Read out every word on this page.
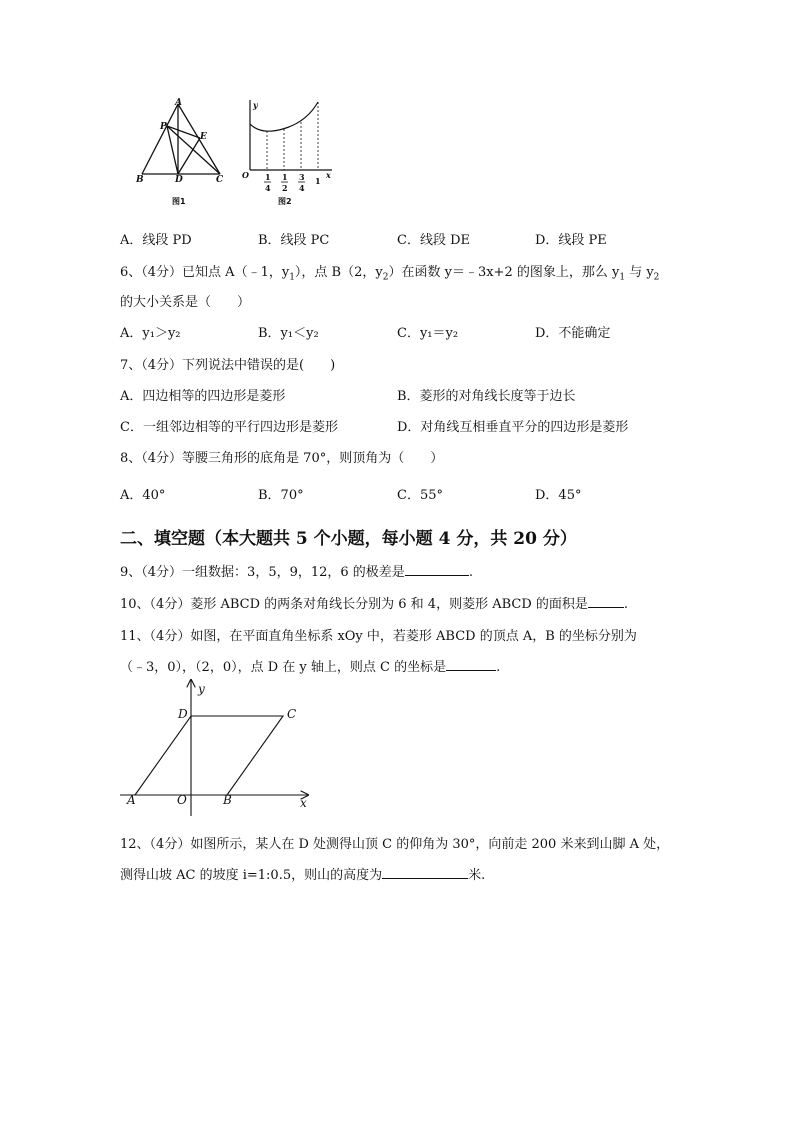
A
P
E
B	D	C
图1
y
x
O 1
4
1
2
3
4
1
图2
A．线段 PD	B．线段 PC	C．线段 DE	D．线段 PE
6、（4分）已知点 A（﹣1，$y_1$），点 B（2，$y_2$）在函数 y＝﹣3x+2 的图象上，那么 $y_1$ 与 $y_2$
的大小关系是（　　）
A．y₁＞y₂	B．y₁＜y₂	C．y₁＝y₂	D．不能确定
7、（4分）下列说法中错误的是(　　)
A．四边相等的四边形是菱形	B．菱形的对角线长度等于边长
C．一组邻边相等的平行四边形是菱形	D．对角线互相垂直平分的四边形是菱形
8、（4分）等腰三角形的底角是 70°，则顶角为（　　）
A．40°	B．70°	C．55°	D．45°
二、填空题（本大题共 5 个小题，每小题 4 分，共 20 分）
9、（4分）一组数据：3，5，9，12，6 的极差是	.
10、（4分）菱形 ABCD 的两条对角线长分别为 6 和 4，则菱形 ABCD 的面积是	.
11、（4分）如图，在平面直角坐标系 xOy 中，若菱形 ABCD 的顶点 A，B 的坐标分别为
（﹣3，0），（2，0），点 D 在 y 轴上，则点 C 的坐标是	.
y
x
O
A	B
C
D
12、（4分）如图所示，某人在 D 处测得山顶 C 的仰角为 30°，向前走 200 米来到山脚 A 处，
测得山坡 AC 的坡度 i=1:0.5，则山的高度为	米.
